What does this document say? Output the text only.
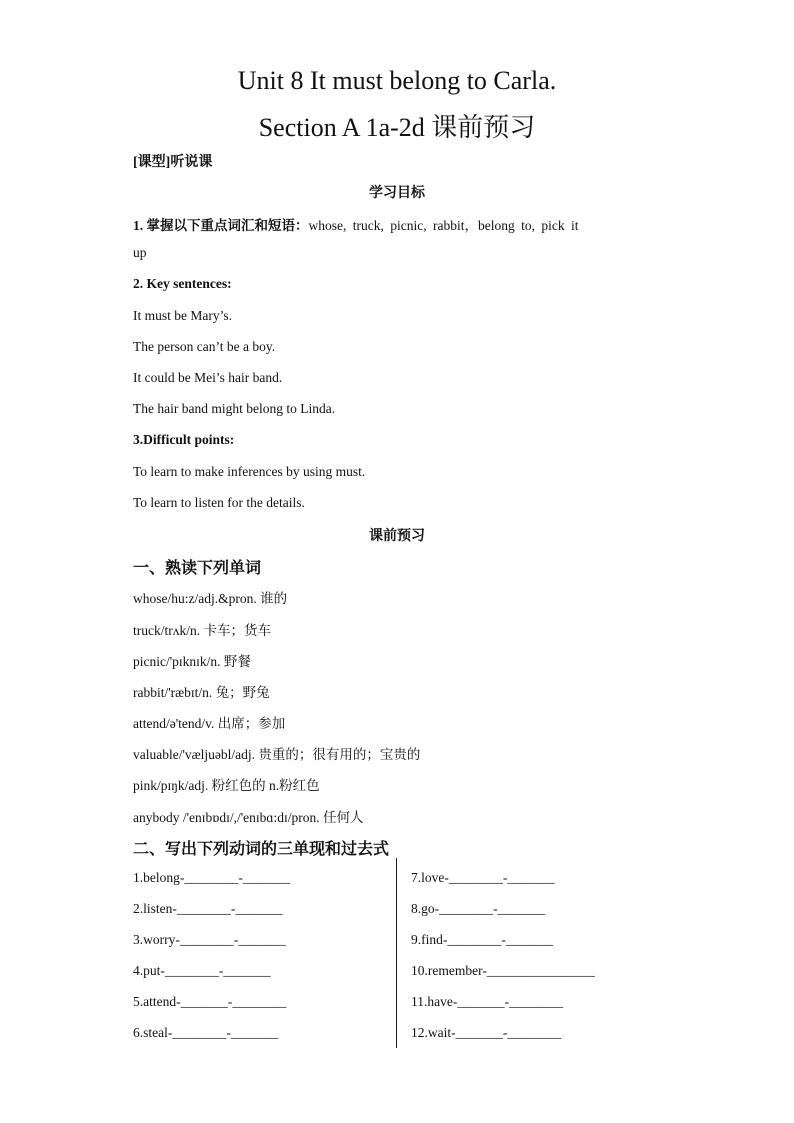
Unit 8 It must belong to Carla.
Section A 1a-2d 课前预习
[课型]听说课
学习目标
1. 掌握以下重点词汇和短语：whose, truck, picnic, rabbit，belong to, pick it
up
2. Key sentences:
It must be Mary’s.
The person can’t be a boy.
It could be Mei’s hair band.
The hair band might belong to Linda.
3.Difficult points:
To learn to make inferences by using must.
To learn to listen for the details.
课前预习
一、熟读下列单词
whose/hu:z/adj.&pron. 谁的
truck/trʌk/n. 卡车；货车
picnic/'pɪknɪk/n. 野餐
rabbit/'ræbɪt/n. 兔；野兔
attend/ə'tend/v. 出席；参加
valuable/'væljuəbl/adj. 贵重的；很有用的；宝贵的
pink/pɪŋk/adj. 粉红色的 n.粉红色
anybody /'enɪbɒdɪ/,/'enɪbɑ:dɪ/pron. 任何人
二、写出下列动词的三单现和过去式
1.belong-________-_______
2.listen-________-_______
3.worry-________-_______
4.put-________-_______
5.attend-_______-________
6.steal-________-_______
7.love-________-_______
8.go-________-_______
9.find-________-_______
10.remember-________________
11.have-_______-________
12.wait-_______-________
